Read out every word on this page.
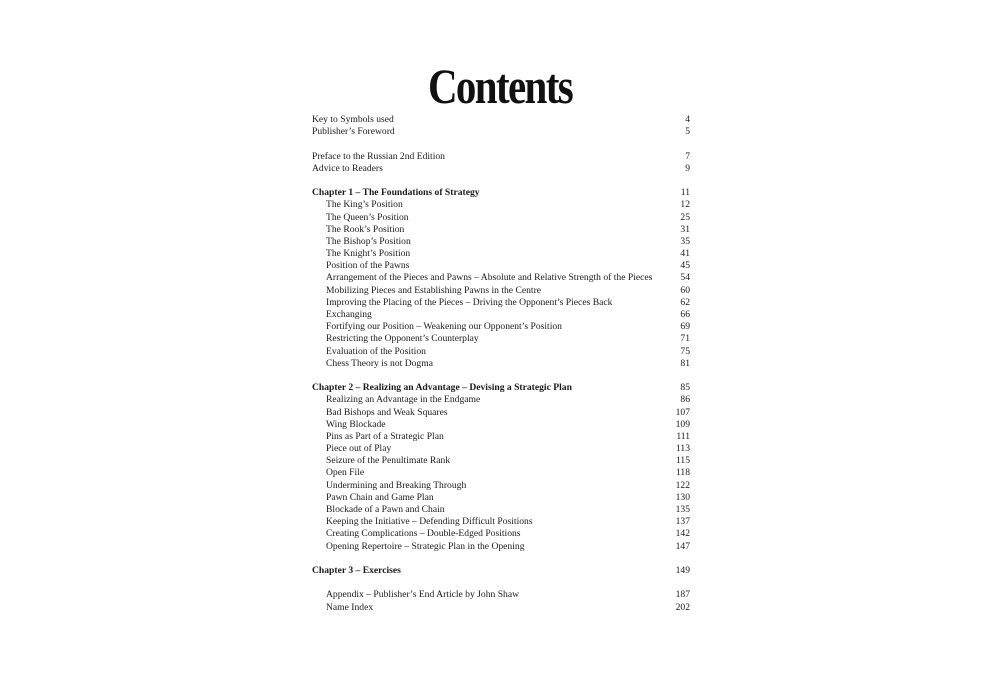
Contents
Key to Symbols used	4
Publisher’s Foreword	5
Preface to the Russian 2nd Edition	7
Advice to Readers	9
Chapter 1 – The Foundations of Strategy	11
The King’s Position	12
The Queen’s Position	25
The Rook’s Position	31
The Bishop’s Position	35
The Knight’s Position	41
Position of the Pawns	45
Arrangement of the Pieces and Pawns – Absolute and Relative Strength of the Pieces	54
Mobilizing Pieces and Establishing Pawns in the Centre	60
Improving the Placing of the Pieces – Driving the Opponent’s Pieces Back	62
Exchanging	66
Fortifying our Position – Weakening our Opponent’s Position	69
Restricting the Opponent’s Counterplay	71
Evaluation of the Position	75
Chess Theory is not Dogma	81
Chapter 2 – Realizing an Advantage – Devising a Strategic Plan	85
Realizing an Advantage in the Endgame	86
Bad Bishops and Weak Squares	107
Wing Blockade	109
Pins as Part of a Strategic Plan	111
Piece out of Play	113
Seizure of the Penultimate Rank	115
Open File	118
Undermining and Breaking Through	122
Pawn Chain and Game Plan	130
Blockade of a Pawn and Chain	135
Keeping the Initiative – Defending Difficult Positions	137
Creating Complications – Double-Edged Positions	142
Opening Repertoire – Strategic Plan in the Opening	147
Chapter 3 – Exercises	149
Appendix – Publisher’s End Article by John Shaw	187
Name Index	202
